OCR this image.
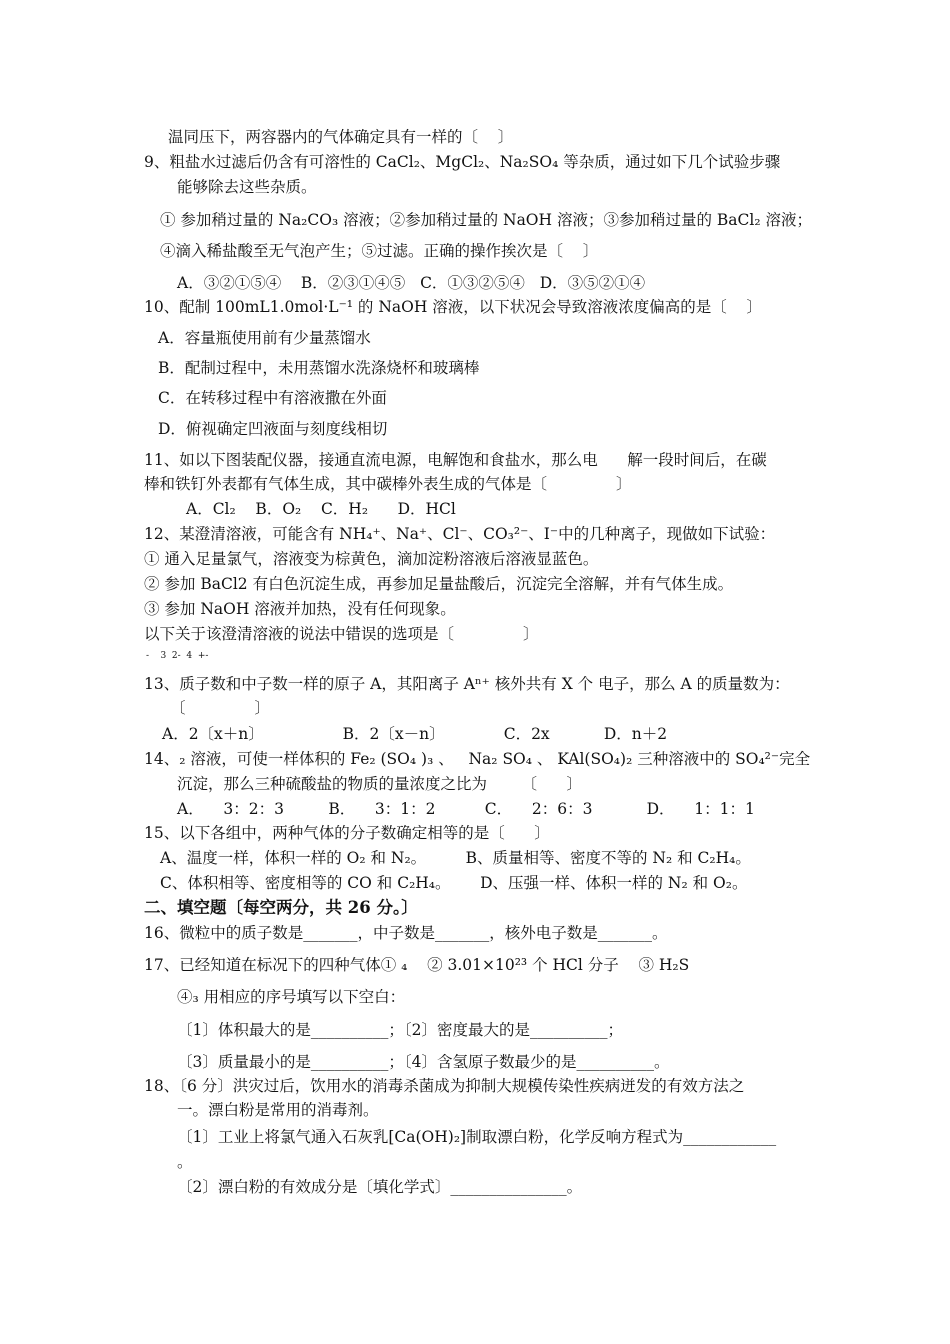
温同压下，两容器内的气体确定具有一样的〔    〕
9、粗盐水过滤后仍含有可溶性的 CaCl₂、MgCl₂、Na₂SO₄ 等杂质，通过如下几个试验步骤
能够除去这些杂质。
① 参加稍过量的 Na₂CO₃ 溶液；②参加稍过量的 NaOH 溶液；③参加稍过量的 BaCl₂ 溶液；
④滴入稀盐酸至无气泡产生；⑤过滤。正确的操作挨次是〔    〕
A．③②①⑤④    B．②③①④⑤   C．①③②⑤④   D．③⑤②①④
10、配制 100mL1.0mol·L⁻¹ 的 NaOH 溶液，以下状况会导致溶液浓度偏高的是〔    〕
A．容量瓶使用前有少量蒸馏水
B．配制过程中，未用蒸馏水洗涤烧杯和玻璃棒
C．在转移过程中有溶液撒在外面
D．俯视确定凹液面与刻度线相切
11、如以下图装配仪器，接通直流电源，电解饱和食盐水，那么电      解一段时间后，在碳
棒和铁钉外表都有气体生成，其中碳棒外表生成的气体是〔              〕
A．Cl₂    B．O₂    C．H₂      D．HCl
12、某澄清溶液，可能含有 NH₄⁺、Na⁺、Cl⁻、CO₃²⁻、I⁻中的几种离子，现做如下试验：
① 通入足量氯气，溶液变为棕黄色，滴加淀粉溶液后溶液显蓝色。
② 参加 BaCl2 有白色沉淀生成，再参加足量盐酸后，沉淀完全溶解，并有气体生成。
③ 参加 NaOH 溶液并加热，没有任何现象。
以下关于该澄清溶液的说法中错误的选项是〔              〕
-    3  2-  4  +-
13、质子数和中子数一样的原子 A，其阳离子 Aⁿ⁺ 核外共有 X 个 电子，那么 A 的质量数为：
〔              〕
A．2〔x＋n〕                B．2〔x－n〕            C．2x           D．n＋2
14、₂ 溶液，可使一样体积的 Fe₂ (SO₄ )₃ 、   Na₂ SO₄ 、 KAl(SO₄)₂ 三种溶液中的 SO₄²⁻完全
沉淀，那么三种硫酸盐的物质的量浓度之比为       〔      〕
A．    3：2：3         B．    3：1：2          C．    2：6：3           D．    1：1：1
15、以下各组中，两种气体的分子数确定相等的是〔      〕
A、温度一样，体积一样的 O₂ 和 N₂。        B、质量相等、密度不等的 N₂ 和 C₂H₄。
C、体积相等、密度相等的 CO 和 C₂H₄。      D、压强一样、体积一样的 N₂ 和 O₂。
二、填空题〔每空两分，共 26 分。〕
16、微粒中的质子数是_______，中子数是_______，核外电子数是_______。
17、已经知道在标况下的四种气体① ₄    ② 3.01×10²³ 个 HCl 分子    ③ H₂S
④₃ 用相应的序号填写以下空白：
〔1〕体积最大的是__________；〔2〕密度最大的是__________；
〔3〕质量最小的是__________；〔4〕含氢原子数最少的是__________。
18、〔6 分〕洪灾过后，饮用水的消毒杀菌成为抑制大规模传染性疾病迸发的有效方法之
一。漂白粉是常用的消毒剂。
〔1〕工业上将氯气通入石灰乳[Ca(OH)₂]制取漂白粉，化学反响方程式为____________
。
〔2〕漂白粉的有效成分是〔填化学式〕_______________。
